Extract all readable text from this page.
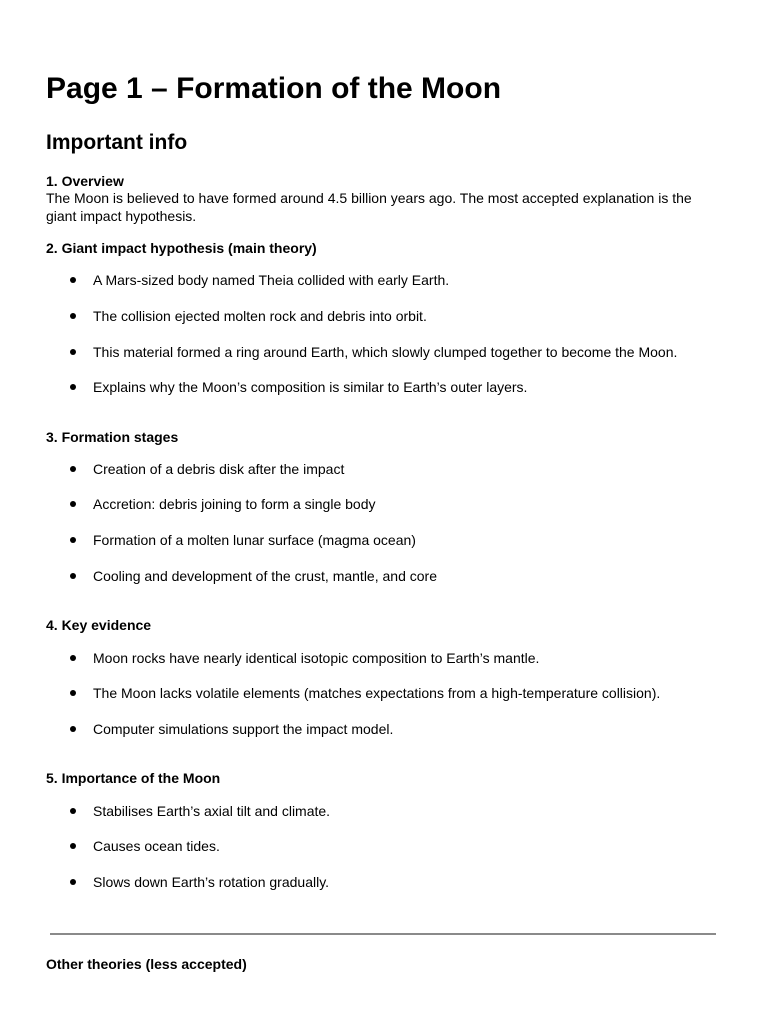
Page 1 – Formation of the Moon
Important info
1. Overview

The Moon is believed to have formed around 4.5 billion years ago. The most accepted explanation is the giant impact hypothesis.

2. Giant impact hypothesis (main theory)
A Mars-sized body named Theia collided with early Earth.
The collision ejected molten rock and debris into orbit.
This material formed a ring around Earth, which slowly clumped together to become the Moon.
Explains why the Moon’s composition is similar to Earth’s outer layers.
3. Formation stages
Creation of a debris disk after the impact
Accretion: debris joining to form a single body
Formation of a molten lunar surface (magma ocean)
Cooling and development of the crust, mantle, and core
4. Key evidence
Moon rocks have nearly identical isotopic composition to Earth’s mantle.
The Moon lacks volatile elements (matches expectations from a high-temperature collision).
Computer simulations support the impact model.
5. Importance of the Moon
Stabilises Earth’s axial tilt and climate.
Causes ocean tides.
Slows down Earth’s rotation gradually.
Other theories (less accepted)
